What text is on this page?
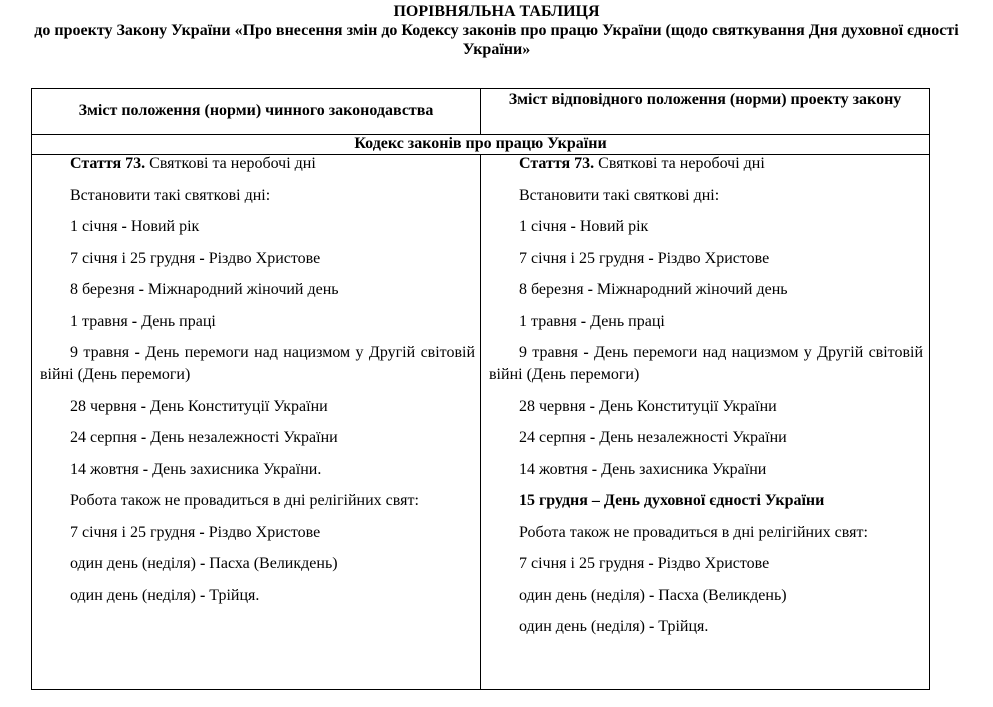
ПОРІВНЯЛЬНА ТАБЛИЦЯ
до проекту Закону України «Про внесення змін до Кодексу законів про працю України (щодо святкування Дня духовної єдності України»
Зміст положення (норми) чинного законодавства
Зміст відповідного положення (норми) проекту закону
Кодекс законів про працю України

Стаття 73. Святкові та неробочі дні

Встановити такі святкові дні:

1 січня - Новий рік

7 січня і 25 грудня - Різдво Христове

8 березня - Міжнародний жіночий день

1 травня - День праці

9 травня - День перемоги над нацизмом у Другій світовій війні (День перемоги)

28 червня - День Конституції України

24 серпня - День незалежності України

14 жовтня - День захисника України.

Робота також не провадиться в дні релігійних свят:

7 січня і 25 грудня - Різдво Христове

один день (неділя) - Пасха (Великдень)

один день (неділя) - Трійця.

Стаття 73. Святкові та неробочі дні

Встановити такі святкові дні:

1 січня - Новий рік

7 січня і 25 грудня - Різдво Христове

8 березня - Міжнародний жіночий день

1 травня - День праці

9 травня - День перемоги над нацизмом у Другій світовій війні (День перемоги)

28 червня - День Конституції України

24 серпня - День незалежності України

14 жовтня - День захисника України

15 грудня – День духовної єдності України

Робота також не провадиться в дні релігійних свят:

7 січня і 25 грудня - Різдво Христове

один день (неділя) - Пасха (Великдень)

один день (неділя) - Трійця.
